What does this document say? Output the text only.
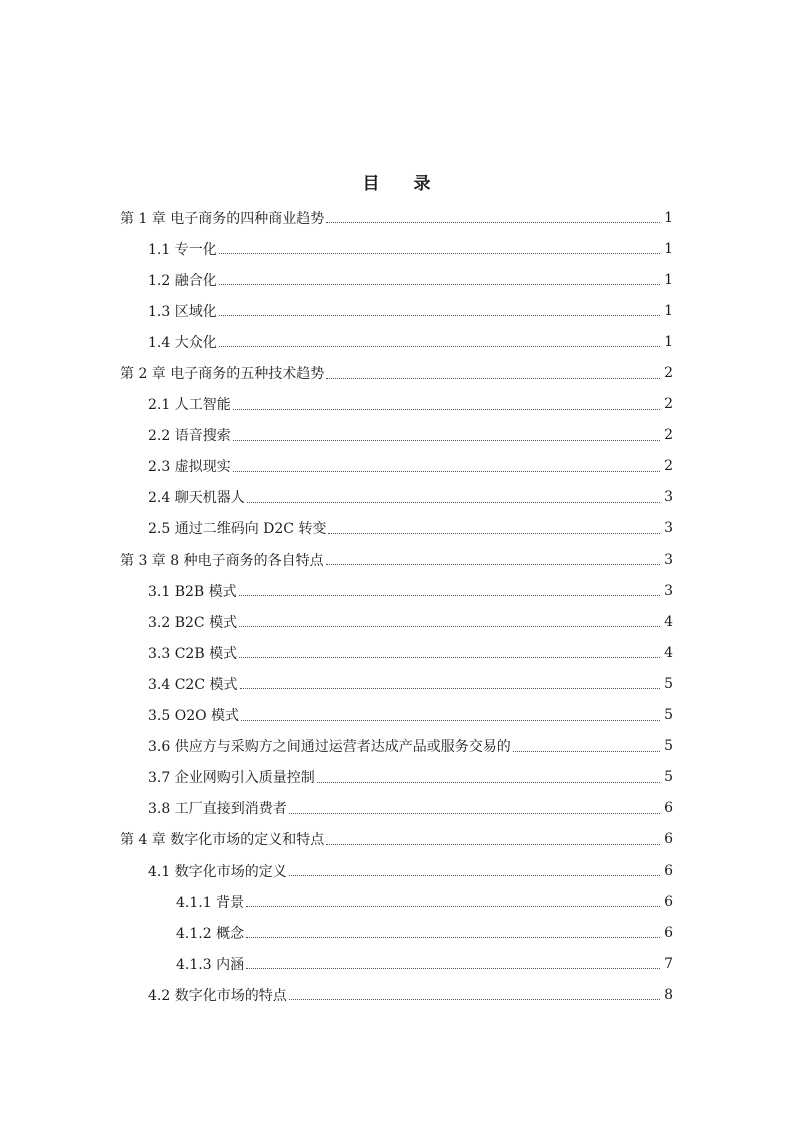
目 录
第 1 章 电子商务的四种商业趋势	1
1.1 专一化	1
1.2 融合化	1
1.3 区域化	1
1.4 大众化	1
第 2 章 电子商务的五种技术趋势	2
2.1 人工智能	2
2.2 语音搜索	2
2.3 虚拟现实	2
2.4 聊天机器人	3
2.5 通过二维码向 D2C 转变	3
第 3 章 8 种电子商务的各自特点	3
3.1 B2B 模式	3
3.2 B2C 模式	4
3.3 C2B 模式	4
3.4 C2C 模式	5
3.5 O2O 模式	5
3.6 供应方与采购方之间通过运营者达成产品或服务交易的	5
3.7 企业网购引入质量控制	5
3.8 工厂直接到消费者	6
第 4 章 数字化市场的定义和特点	6
4.1 数字化市场的定义	6
4.1.1 背景	6
4.1.2 概念	6
4.1.3 内涵	7
4.2 数字化市场的特点	8
